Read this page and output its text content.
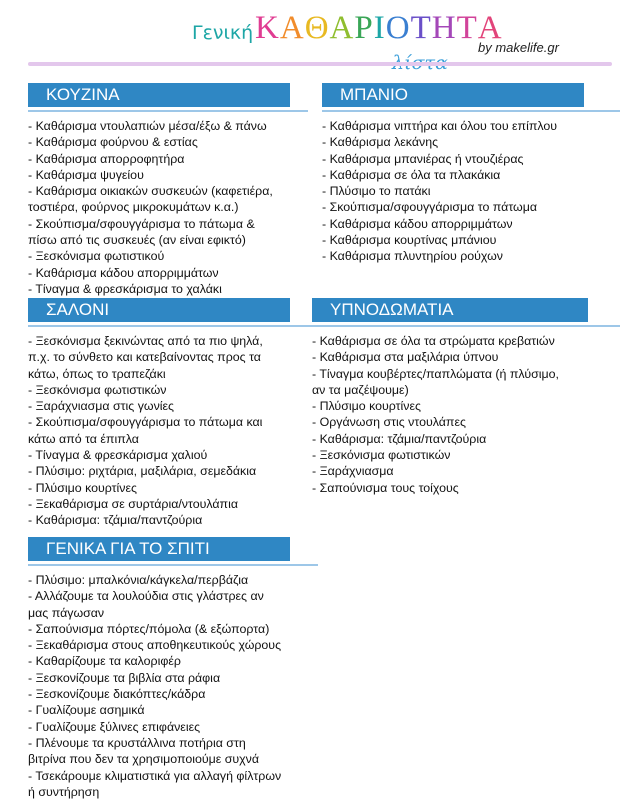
Γενική ΚΑΘΑΡΙΟΤΗΤΑ
by makelife.gr
ΚΟΥΖΙΝΑ
- Καθάρισμα ντουλαπιών μέσα/έξω & πάνω
- Καθάρισμα φούρνου & εστίας
- Καθάρισμα απορροφητήρα
- Καθάρισμα ψυγείου
- Καθάρισμα οικιακών συσκευών (καφετιέρα,
τοστιέρα, φούρνος μικροκυμάτων κ.α.)
- Σκούπισμα/σφουγγάρισμα το πάτωμα &
πίσω από τις συσκευές (αν είναι εφικτό)
- Ξεσκόνισμα φωτιστικού
- Καθάρισμα κάδου απορριμμάτων
- Τίναγμα & φρεσκάρισμα το χαλάκι
ΜΠΑΝΙΟ
- Καθάρισμα νιπτήρα και όλου του επίπλου
- Καθάρισμα λεκάνης
- Καθάρισμα μπανιέρας ή ντουζιέρας
- Καθάρισμα σε όλα τα πλακάκια
- Πλύσιμο το πατάκι
- Σκούπισμα/σφουγγάρισμα το πάτωμα
- Καθάρισμα κάδου απορριμμάτων
- Καθάρισμα κουρτίνας μπάνιου
- Καθάρισμα πλυντηρίου ρούχων
ΣΑΛΟΝΙ
- Ξεσκόνισμα ξεκινώντας από τα πιο ψηλά,
π.χ. το σύνθετο και κατεβαίνοντας προς τα
κάτω, όπως το τραπεζάκι
- Ξεσκόνισμα φωτιστικών
- Ξαράχνιασμα στις γωνίες
- Σκούπισμα/σφουγγάρισμα το πάτωμα και
κάτω από τα έπιπλα
- Τίναγμα & φρεσκάρισμα χαλιού
- Πλύσιμο: ριχτάρια, μαξιλάρια, σεμεδάκια
- Πλύσιμο κουρτίνες
- Ξεκαθάρισμα σε συρτάρια/ντουλάπια
- Καθάρισμα: τζάμια/παντζούρια
ΥΠΝΟΔΩΜΑΤΙΑ
- Καθάρισμα σε όλα τα στρώματα κρεβατιών
- Καθάρισμα στα μαξιλάρια ύπνου
- Τίναγμα κουβέρτες/παπλώματα (ή πλύσιμο,
αν τα μαζέψουμε)
- Πλύσιμο κουρτίνες
- Οργάνωση στις ντουλάπες
- Καθάρισμα: τζάμια/παντζούρια
- Ξεσκόνισμα φωτιστικών
- Ξαράχνιασμα
- Σαπούνισμα τους τοίχους
ΓΕΝΙΚΑ ΓΙΑ ΤΟ ΣΠΙΤΙ
- Πλύσιμο: μπαλκόνια/κάγκελα/περβάζια
- Αλλάζουμε τα λουλούδια στις γλάστρες αν
μας πάγωσαν
- Σαπούνισμα πόρτες/πόμολα (& εξώπορτα)
- Ξεκαθάρισμα στους αποθηκευτικούς χώρους
- Καθαρίζουμε τα καλοριφέρ
- Ξεσκονίζουμε τα βιβλία στα ράφια
- Ξεσκονίζουμε διακόπτες/κάδρα
- Γυαλίζουμε ασημικά
- Γυαλίζουμε ξύλινες επιφάνειες
- Πλένουμε τα κρυστάλλινα ποτήρια στη
βιτρίνα που δεν τα χρησιμοποιούμε συχνά
- Τσεκάρουμε κλιματιστικά για αλλαγή φίλτρων
ή συντήρηση
